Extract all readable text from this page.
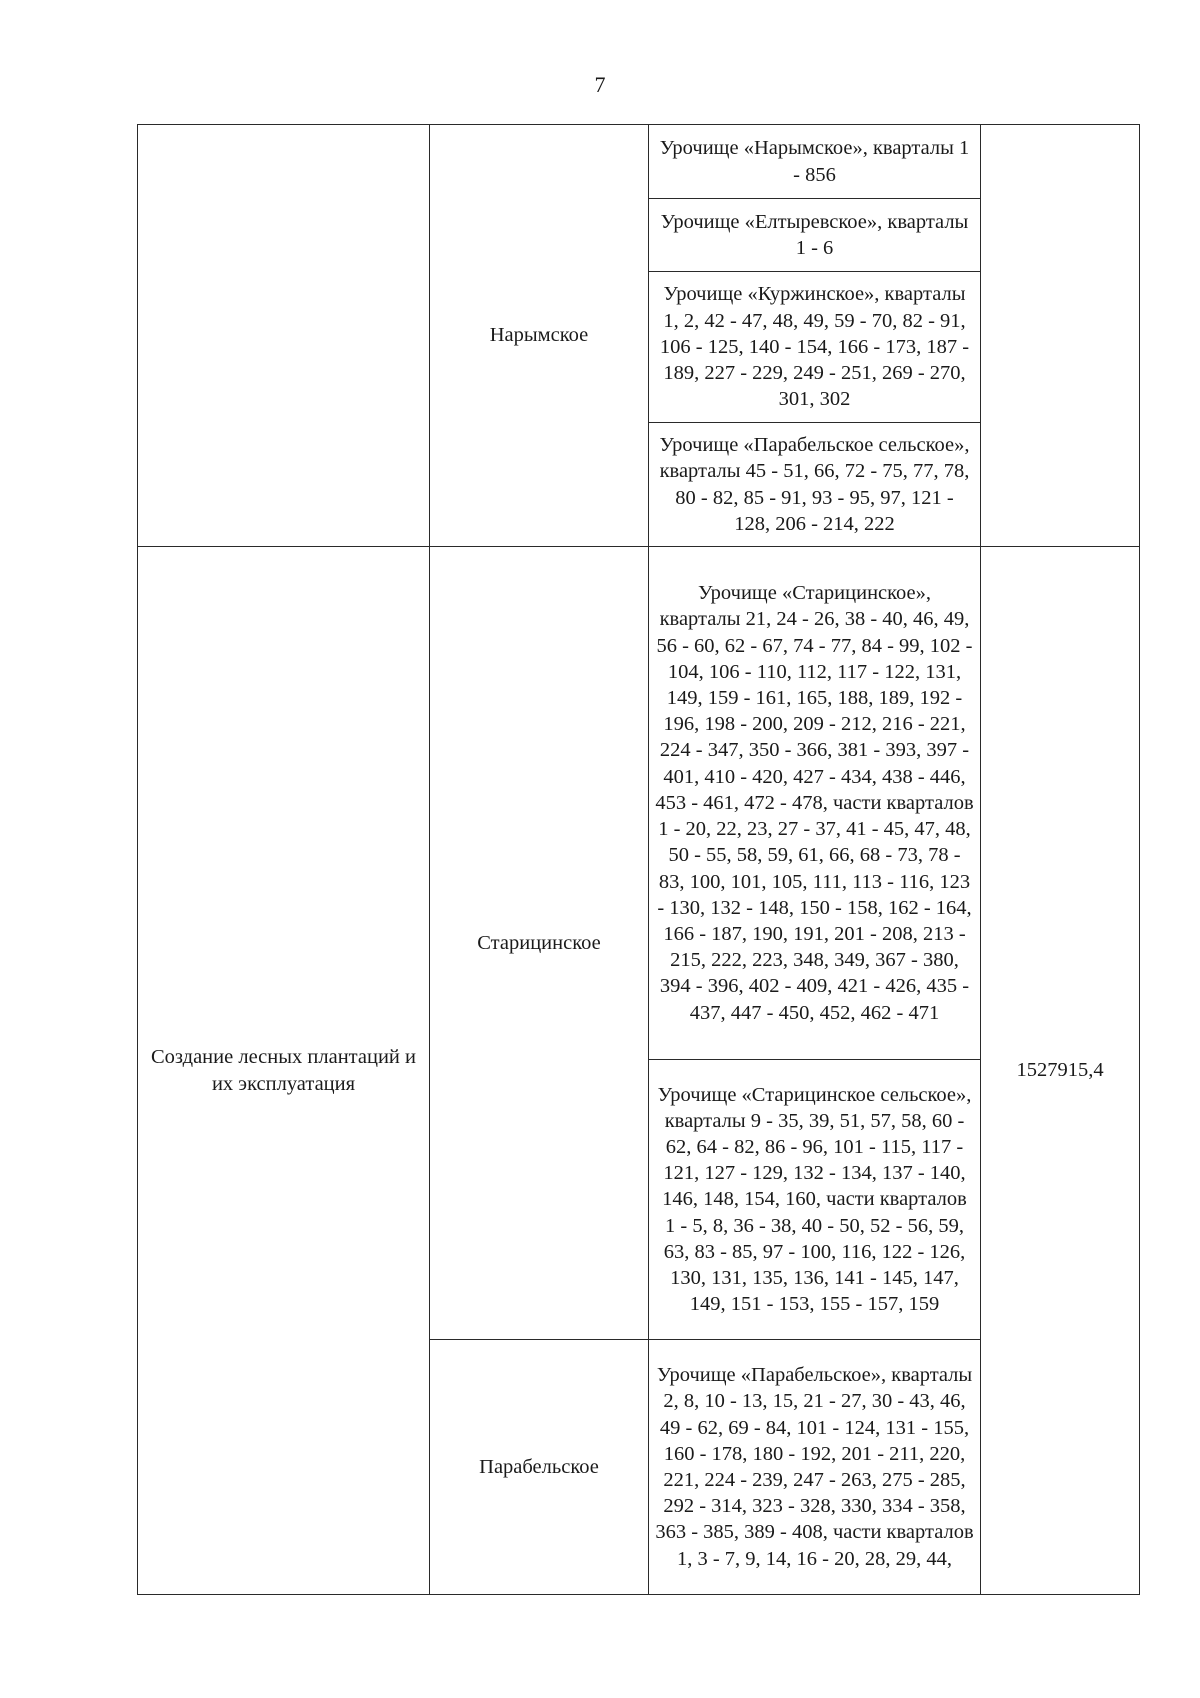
7
	Нарымское	Урочище «Нарымское», кварталы 1 - 856	
		Урочище «Елтыревское», кварталы 1 - 6	
		Урочище «Куржинское», кварталы 1, 2, 42 - 47, 48, 49, 59 - 70, 82 - 91, 106 - 125, 140 - 154, 166 - 173, 187 - 189, 227 - 229, 249 - 251, 269 - 270, 301, 302	
		Урочище «Парабельское сельское», кварталы 45 - 51, 66, 72 - 75, 77, 78, 80 - 82, 85 - 91, 93 - 95, 97, 121 - 128, 206 - 214, 222	
Создание лесных плантаций и их эксплуатация	Старицинское	Урочище «Старицинское», кварталы 21, 24 - 26, 38 - 40, 46, 49, 56 - 60, 62 - 67, 74 - 77, 84 - 99, 102 - 104, 106 - 110, 112, 117 - 122, 131, 149, 159 - 161, 165, 188, 189, 192 - 196, 198 - 200, 209 - 212, 216 - 221, 224 - 347, 350 - 366, 381 - 393, 397 - 401, 410 - 420, 427 - 434, 438 - 446, 453 - 461, 472 - 478, части кварталов 1 - 20, 22, 23, 27 - 37, 41 - 45, 47, 48, 50 - 55, 58, 59, 61, 66, 68 - 73, 78 - 83, 100, 101, 105, 111, 113 - 116, 123 - 130, 132 - 148, 150 - 158, 162 - 164, 166 - 187, 190, 191, 201 - 208, 213 - 215, 222, 223, 348, 349, 367 - 380, 394 - 396, 402 - 409, 421 - 426, 435 - 437, 447 - 450, 452, 462 - 471	1527915,4

		Урочище «Старицинское сельское», кварталы 9 - 35, 39, 51, 57, 58, 60 - 62, 64 - 82, 86 - 96, 101 - 115, 117 - 121, 127 - 129, 132 - 134, 137 - 140, 146, 148, 154, 160, части кварталов 1 - 5, 8, 36 - 38, 40 - 50, 52 - 56, 59, 63, 83 - 85, 97 - 100, 116, 122 - 126, 130, 131, 135, 136, 141 - 145, 147, 149, 151 - 153, 155 - 157, 159	
	Парабельское	Урочище «Парабельское», кварталы 2, 8, 10 - 13, 15, 21 - 27, 30 - 43, 46, 49 - 62, 69 - 84, 101 - 124, 131 - 155, 160 - 178, 180 - 192, 201 - 211, 220, 221, 224 - 239, 247 - 263, 275 - 285, 292 - 314, 323 - 328, 330, 334 - 358, 363 - 385, 389 - 408, части кварталов 1, 3 - 7, 9, 14, 16 - 20, 28, 29, 44,	
